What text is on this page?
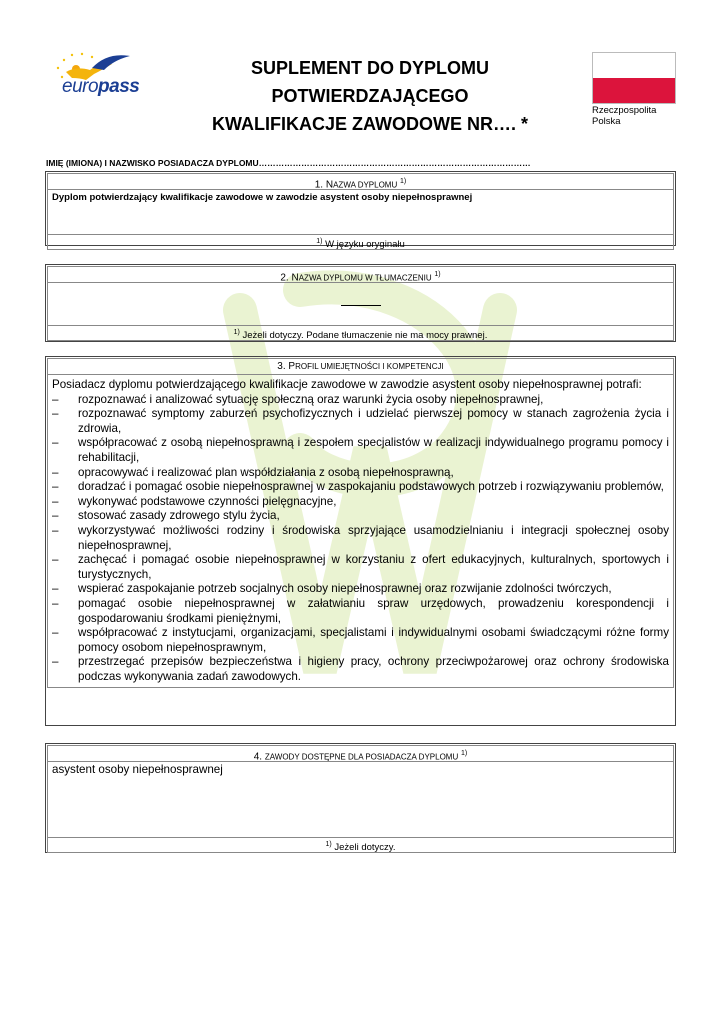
europass
SUPLEMENT DO DYPLOMU POTWIERDZAJĄCEGO
KWALIFIKACJE ZAWODOWE NR…. *
Rzeczpospolita
Polska
IMIĘ (IMIONA) I NAZWISKO POSIADACZA DYPLOMU……………………………………………………………………………………
1. NAZWA DYPLOMU $^{1)}$
Dyplom potwierdzający kwalifikacje zawodowe w zawodzie asystent osoby niepełnosprawnej
$^{1)}$ W języku oryginału
2. NAZWA DYPLOMU W TŁUMACZENIU $^{1)}$
$^{1)}$ Jeżeli dotyczy. Podane tłumaczenie nie ma mocy prawnej.
3. PROFIL UMIEJĘTNOŚCI I KOMPETENCJI
Posiadacz dyplomu potwierdzającego kwalifikacje zawodowe w zawodzie asystent osoby niepełnosprawnej potrafi:
– rozpoznawać i analizować sytuację społeczną oraz warunki życia osoby niepełnosprawnej,
– rozpoznawać symptomy zaburzeń psychofizycznych i udzielać pierwszej pomocy w stanach zagrożenia życia i zdrowia,
– współpracować z osobą niepełnosprawną i zespołem specjalistów w realizacji indywidualnego programu pomocy i rehabilitacji,
– opracowywać i realizować plan współdziałania z osobą niepełnosprawną,
– doradzać i pomagać osobie niepełnosprawnej w zaspokajaniu podstawowych potrzeb i rozwiązywaniu problemów,
– wykonywać podstawowe czynności pielęgnacyjne,
– stosować zasady zdrowego stylu życia,
– wykorzystywać możliwości rodziny i środowiska sprzyjające usamodzielnianiu i integracji społecznej osoby niepełnosprawnej,
– zachęcać i pomagać osobie niepełnosprawnej w korzystaniu z ofert edukacyjnych, kulturalnych, sportowych i turystycznych,
– wspierać zaspokajanie potrzeb socjalnych osoby niepełnosprawnej oraz rozwijanie zdolności twórczych,
– pomagać osobie niepełnosprawnej w załatwianiu spraw urzędowych, prowadzeniu korespondencji i gospodarowaniu środkami pieniężnymi,
– współpracować z instytucjami, organizacjami, specjalistami i indywidualnymi osobami świadczącymi różne formy pomocy osobom niepełnosprawnym,
– przestrzegać przepisów bezpieczeństwa i higieny pracy, ochrony przeciwpożarowej oraz ochrony środowiska podczas wykonywania zadań zawodowych.
4. ZAWODY DOSTĘPNE DLA POSIADACZA DYPLOMU $^{1)}$
asystent osoby niepełnosprawnej
$^{1)}$ Jeżeli dotyczy.
